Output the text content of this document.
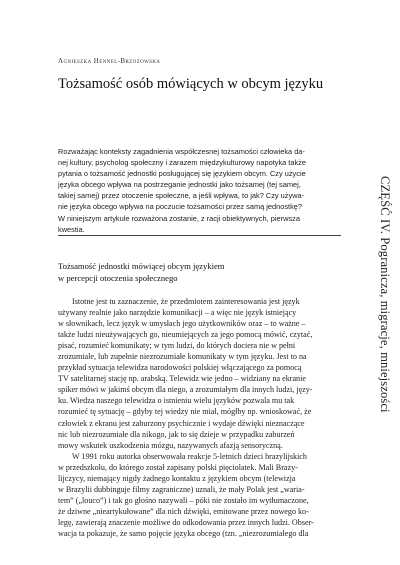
Agnieszka Hennel-Brzozowska
Tożsamość osób mówiących w obcym języku
Rozważając konteksty zagadnienia współczesnej tożsamości człowieka da-
nej kultury, psycholog społeczny i zarazem międzykulturowy napotyka także
pytania o tożsamość jednostki posługującej się językiem obcym. Czy użycie
języka obcego wpływa na postrzeganie jednostki jako tożsamej (tej samej,
takiej samej) przez otoczenie społeczne, a jeśli wpływa, to jak? Czy używa-
nie języka obcego wpływa na poczucie tożsamości przez samą jednostkę?
W niniejszym artykule rozważona zostanie, z racji obiektywnych, pierwsza
kwestia.
Tożsamość jednostki mówiącej obcym językiem
w percepcji otoczenia społecznego
Istotne jest tu zaznaczenie, że przedmiotem zainteresowania jest język
używany realnie jako narzędzie komunikacji – a więc nie język istniejący
w słownikach, lecz język w umysłach jego użytkowników oraz – to ważne –
także ludzi nieużywających go, nieumiejących za jego pomocą mówić, czytać,
pisać, rozumieć komunikaty; w tym ludzi, do których dociera nie w pełni
zrozumiale, lub zupełnie niezrozumiałe komunikaty w tym języku. Jest to na
przykład sytuacja telewidza narodowości polskiej włączającego za pomocą
TV satelitarnej stację np. arabską. Telewidz wie jedno – widziany na ekranie
spiker mówi w jakimś obcym dla niego, a zrozumiałym dla innych ludzi, języ-
ku. Wiedza naszego telewidza o istnieniu wielu języków pozwala mu tak
rozumieć tę sytuację – gdyby tej wiedzy nie miał, mógłby np. wnioskować, że
człowiek z ekranu jest zaburzony psychicznie i wydaje dźwięki nieznaczące
nic lub niezrozumiałe dla nikogo, jak to się dzieje w przypadku zaburzeń
mowy wskutek uszkodzenia mózgu, nazywanych afazją sensoryczną.
W 1991 roku autorka obserwowała reakcje 5-letnich dzieci brazylijskich
w przedszkolu, do którego został zapisany polski pięciolatek. Mali Brazy-
lijczycy, niemający nigdy żadnego kontaktu z językiem obcym (telewizja
w Brazylii dubbinguje filmy zagraniczne) uznali, że mały Polak jest „waria-
tem” („louco”) i tak go głośno nazywali – póki nie zostało im wytłumaczone,
że dziwne „nieartykułowane” dla nich dźwięki, emitowane przez nowego ko-
legę, zawierają znaczenie możliwe do odkodowania przez innych ludzi. Obser-
wacja ta pokazuje, że samo pojęcie języka obcego (tzn. „niezrozumiałego dla
CZĘŚĆ IV. Pogranicza, migracje, mniejszości
